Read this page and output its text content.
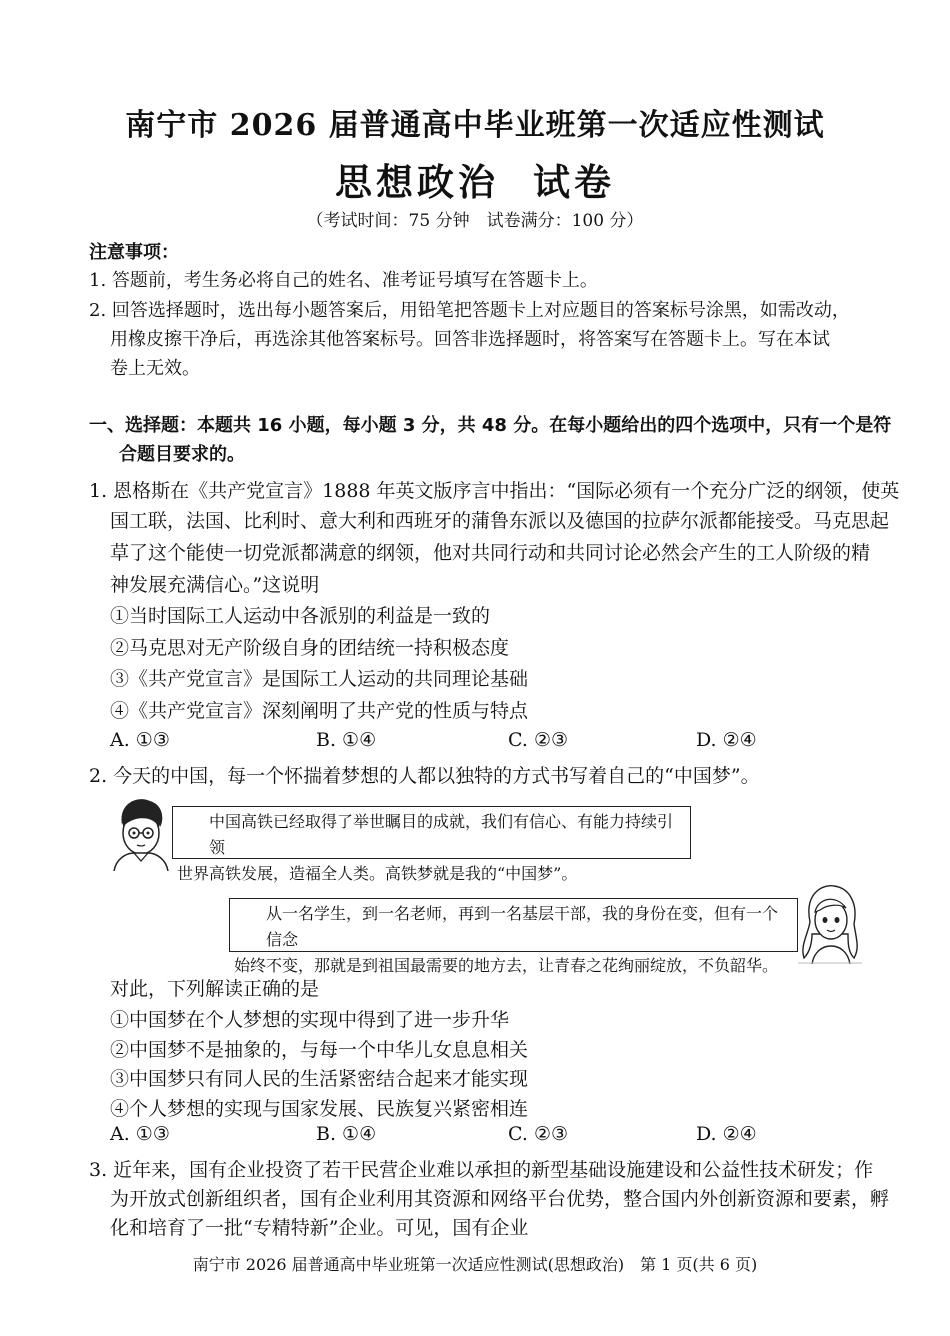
南宁市 2026 届普通高中毕业班第一次适应性测试
思想政治 试卷
（考试时间：75 分钟　试卷满分：100 分）
注意事项：
1. 答题前，考生务必将自己的姓名、准考证号填写在答题卡上。
2. 回答选择题时，选出每小题答案后，用铅笔把答题卡上对应题目的答案标号涂黑，如需改动，
用橡皮擦干净后，再选涂其他答案标号。回答非选择题时，将答案写在答题卡上。写在本试
卷上无效。
一、选择题：本题共 16 小题，每小题 3 分，共 48 分。在每小题给出的四个选项中，只有一个是符
合题目要求的。
1. 恩格斯在《共产党宣言》1888 年英文版序言中指出：“国际必须有一个充分广泛的纲领，使英
国工联，法国、比利时、意大利和西班牙的蒲鲁东派以及德国的拉萨尔派都能接受。马克思起
草了这个能使一切党派都满意的纲领，他对共同行动和共同讨论必然会产生的工人阶级的精
神发展充满信心。”这说明
①当时国际工人运动中各派别的利益是一致的
②马克思对无产阶级自身的团结统一持积极态度
③《共产党宣言》是国际工人运动的共同理论基础
④《共产党宣言》深刻阐明了共产党的性质与特点
A. ①③	B. ①④	C. ②③	D. ②④
2. 今天的中国，每一个怀揣着梦想的人都以独特的方式书写着自己的“中国梦”。
中国高铁已经取得了举世瞩目的成就，我们有信心、有能力持续引领
世界高铁发展，造福全人类。高铁梦就是我的“中国梦”。
从一名学生，到一名老师，再到一名基层干部，我的身份在变，但有一个信念
始终不变，那就是到祖国最需要的地方去，让青春之花绚丽绽放，不负韶华。
对此，下列解读正确的是
①中国梦在个人梦想的实现中得到了进一步升华
②中国梦不是抽象的，与每一个中华儿女息息相关
③中国梦只有同人民的生活紧密结合起来才能实现
④个人梦想的实现与国家发展、民族复兴紧密相连
A. ①③	B. ①④	C. ②③	D. ②④
3. 近年来，国有企业投资了若干民营企业难以承担的新型基础设施建设和公益性技术研发；作
为开放式创新组织者，国有企业利用其资源和网络平台优势，整合国内外创新资源和要素，孵
化和培育了一批“专精特新”企业。可见，国有企业
南宁市 2026 届普通高中毕业班第一次适应性测试(思想政治)　第 1 页(共 6 页)
